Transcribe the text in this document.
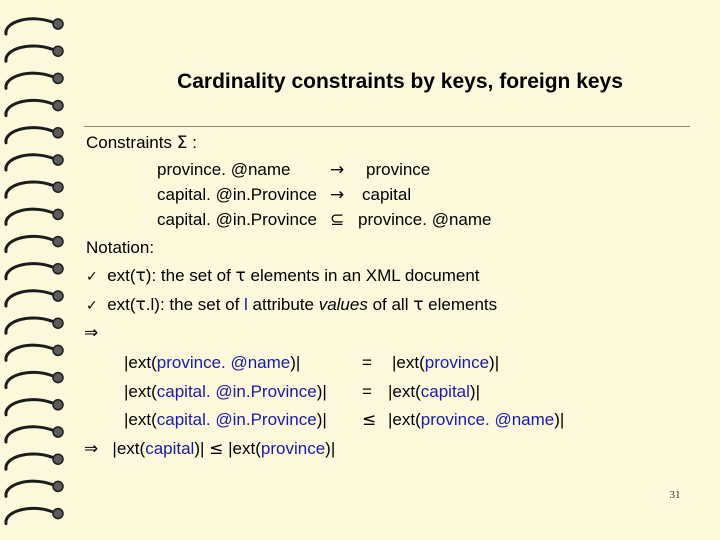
Cardinality constraints by keys, foreign keys
Constraints Σ :
province. @name → province
capital. @in.Province → capital
capital. @in.Province ⊆ province. @name
Notation:
✓ ext(τ): the set of τ elements in an XML document
✓ ext(τ.l): the set of l attribute values of all τ elements
⇒
|ext(province. @name)|	= |ext(province)|
|ext(capital. @in.Province)| = |ext(capital)|
|ext(capital. @in.Province)| ≤ |ext(province. @name)|
⇒ |ext(capital)| ≤ |ext(province)|
31
